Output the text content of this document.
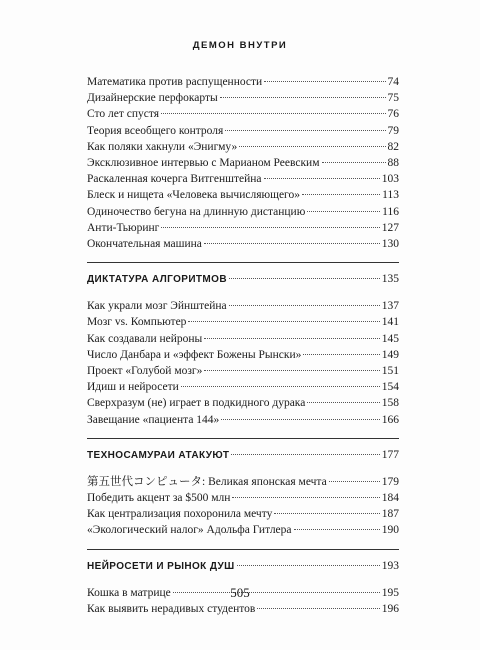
ДЕМОН ВНУТРИ
Математика против распущенности	74
Дизайнерские перфокарты	75
Сто лет спустя	76
Теория всеобщего контроля	79
Как поляки хакнули «Энигму»	82
Эксклюзивное интервью с Марианом Реевским	88
Раскаленная кочерга Витгенштейна	103
Блеск и нищета «Человека вычисляющего»	113
Одиночество бегуна на длинную дистанцию	116
Анти-Тьюринг	127
Окончательная машина	130
ДИКТАТУРА АЛГОРИТМОВ	135
Как украли мозг Эйнштейна	137
Мозг vs. Компьютер	141
Как создавали нейроны	145
Число Данбара и «эффект Божены Рынски»	149
Проект «Голубой мозг»	151
Идиш и нейросети	154
Сверхразум (не) играет в подкидного дурака	158
Завещание «пациента 144»	166
ТЕХНОСАМУРАИ АТАКУЮТ	177
第五世代コンピュータ: Великая японская мечта	179
Победить акцент за $500 млн	184
Как централизация похоронила мечту	187
«Экологический налог» Адольфа Гитлера	190
НЕЙРОСЕТИ И РЫНОК ДУШ	193
Кошка в матрице	195
Как выявить нерадивых студентов	196
505
